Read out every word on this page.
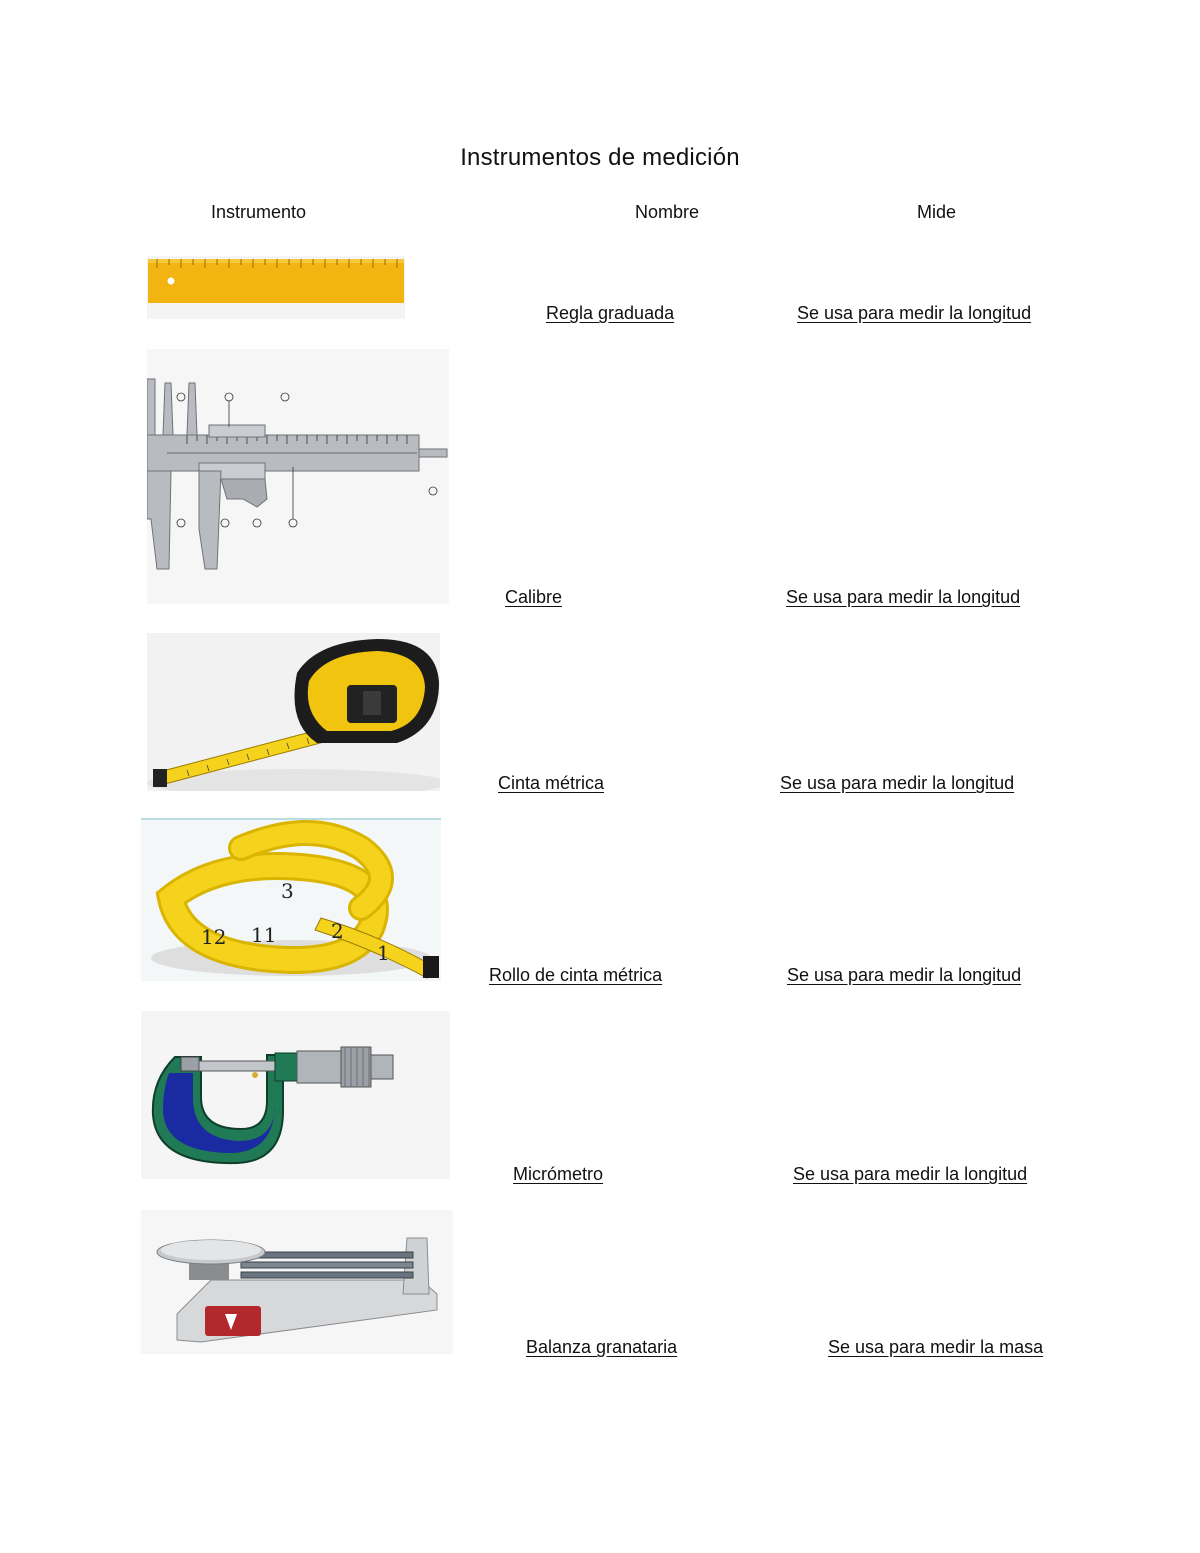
Instrumentos de medición
Instrumento	Nombre	Mide
Regla graduada	Se usa para medir la longitud
Calibre	Se usa para medir la longitud
Cinta métrica	Se usa para medir la longitud
3
2
1
11
12
Rollo de cinta métrica	Se usa para medir la longitud
Micrómetro	Se usa para medir la longitud
Balanza granataria	Se usa para medir la masa
